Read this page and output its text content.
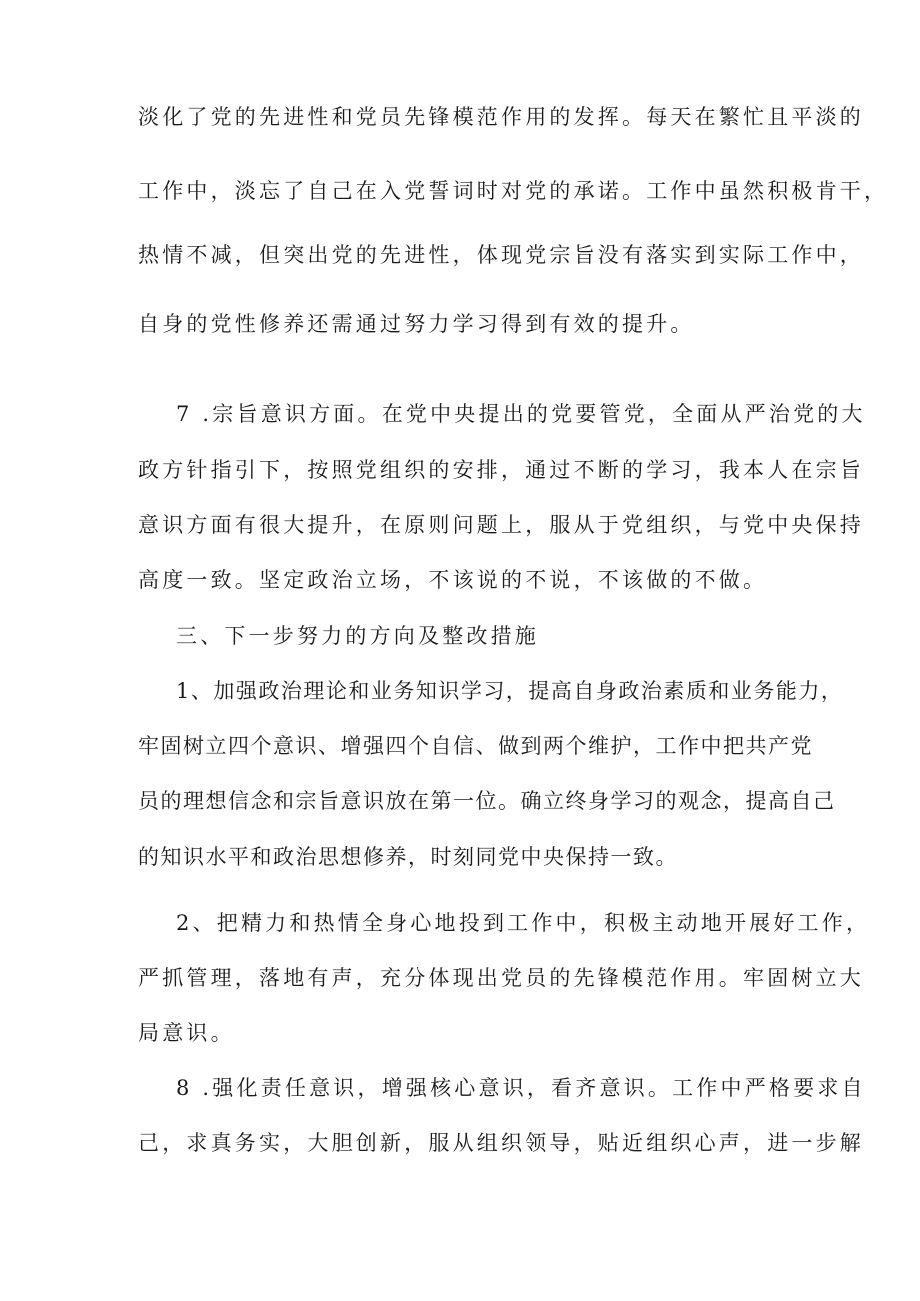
淡化了党的先进性和党员先锋模范作用的发挥。每天在繁忙且平淡的
工作中，淡忘了自己在入党誓词时对党的承诺。工作中虽然积极肯干，
热情不减，但突出党的先进性，体现党宗旨没有落实到实际工作中，
自身的党性修养还需通过努力学习得到有效的提升。
7 .宗旨意识方面。在党中央提出的党要管党，全面从严治党的大
政方针指引下，按照党组织的安排，通过不断的学习，我本人在宗旨
意识方面有很大提升，在原则问题上，服从于党组织，与党中央保持
高度一致。坚定政治立场，不该说的不说，不该做的不做。
三、下一步努力的方向及整改措施
1、加强政治理论和业务知识学习，提高自身政治素质和业务能力，
牢固树立四个意识、增强四个自信、做到两个维护，工作中把共产党
员的理想信念和宗旨意识放在第一位。确立终身学习的观念，提高自己
的知识水平和政治思想修养，时刻同党中央保持一致。
2、把精力和热情全身心地投到工作中，积极主动地开展好工作，
严抓管理，落地有声，充分体现出党员的先锋模范作用。牢固树立大
局意识。
8 .强化责任意识，增强核心意识，看齐意识。工作中严格要求自
己，求真务实，大胆创新，服从组织领导，贴近组织心声，进一步解
